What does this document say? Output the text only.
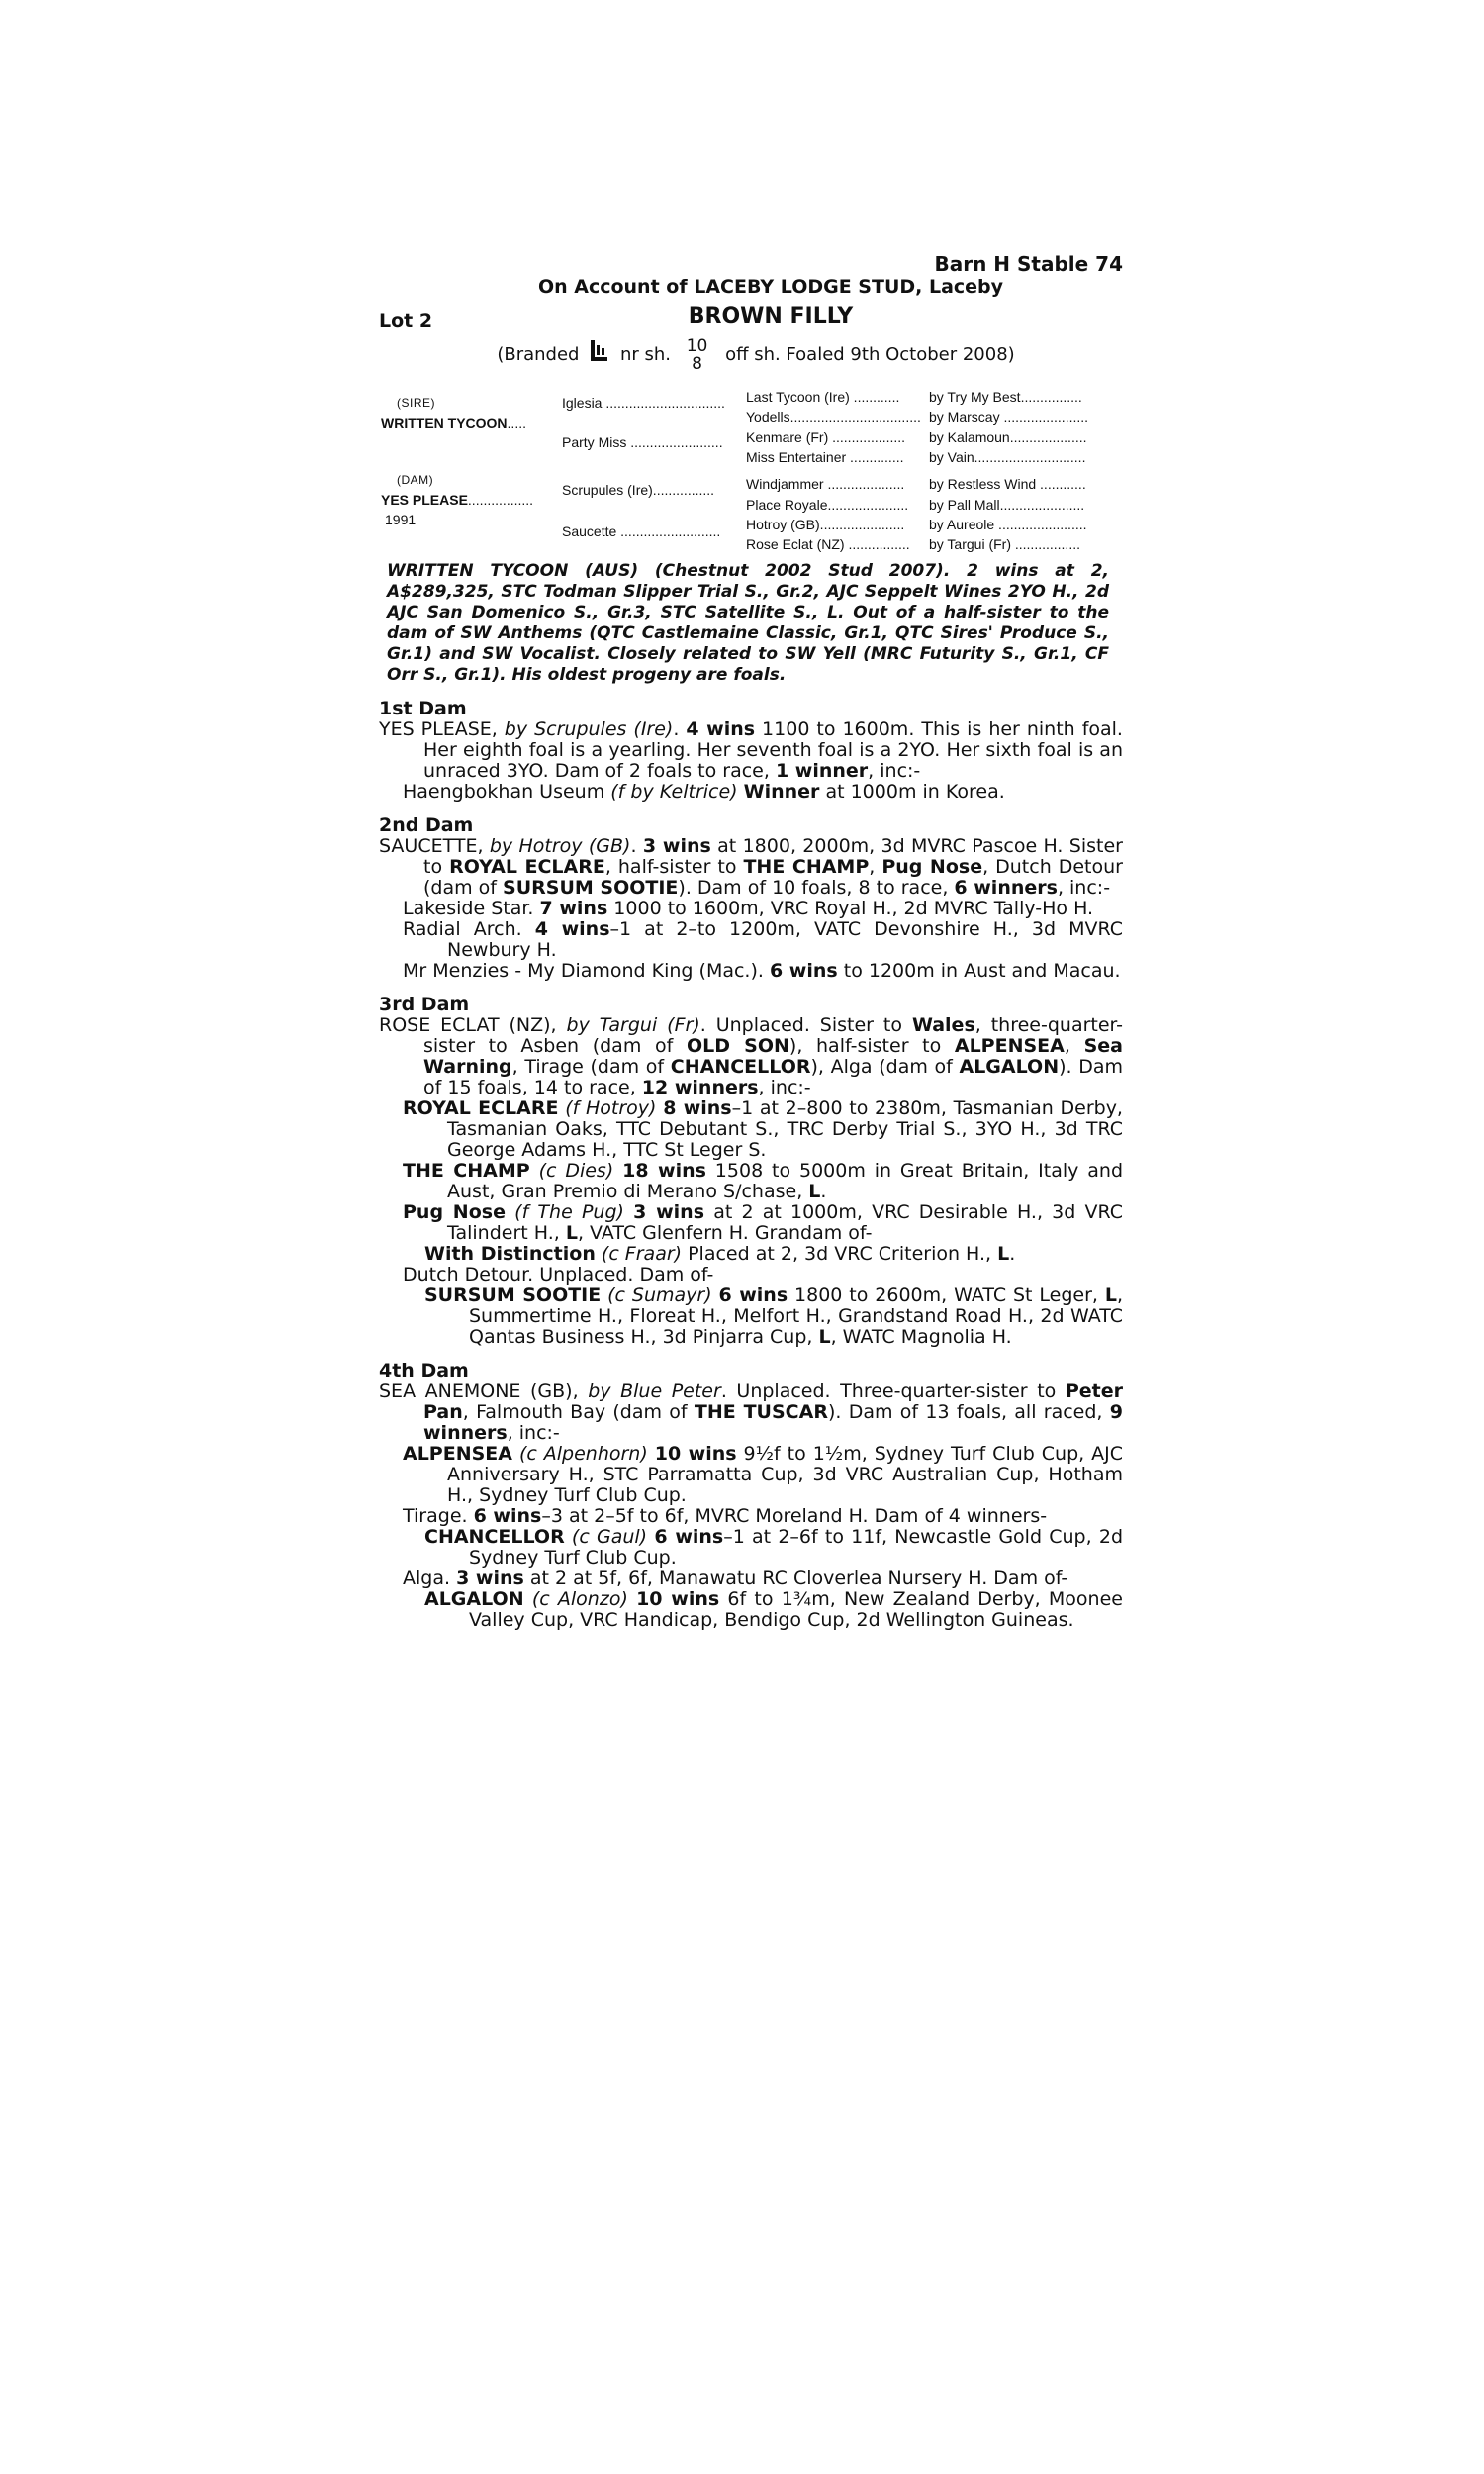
Barn H Stable 74
On Account of LACEBY LODGE STUD, Laceby
Lot 2	BROWN FILLY
(Branded nr sh. 10
8 off sh. Foaled 9th October 2008)
(SIRE)
WRITTEN TYCOON.....
(DAM)
YES PLEASE.................
1991
Iglesia ...............................
Party Miss ........................
Scrupules (Ire)................
Saucette ..........................
Last Tycoon (Ire) ............
Yodells..................................
Kenmare (Fr) ...................
Miss Entertainer ..............
Windjammer ....................
Place Royale.....................
Hotroy (GB)......................
Rose Eclat (NZ) ................
by Try My Best................
by Marscay ......................
by Kalamoun....................
by Vain.............................
by Restless Wind ............
by Pall Mall......................
by Aureole .......................
by Targui (Fr) .................
WRITTEN TYCOON (AUS) (Chestnut 2002 Stud 2007). 2 wins at 2, A$289,325, STC Todman Slipper Trial S., Gr.2, AJC Seppelt Wines 2YO H., 2d AJC San Domenico S., Gr.3, STC Satellite S., L. Out of a half-sister to the dam of SW Anthems (QTC Castlemaine Classic, Gr.1, QTC Sires' Produce S., Gr.1) and SW Vocalist. Closely related to SW Yell (MRC Futurity S., Gr.1, CF Orr S., Gr.1). His oldest progeny are foals.
1st Dam
YES PLEASE, by Scrupules (Ire). 4 wins 1100 to 1600m. This is her ninth foal. Her eighth foal is a yearling. Her seventh foal is a 2YO. Her sixth foal is an unraced 3YO. Dam of 2 foals to race, 1 winner, inc:-
Haengbokhan Useum (f by Keltrice) Winner at 1000m in Korea.
2nd Dam
SAUCETTE, by Hotroy (GB). 3 wins at 1800, 2000m, 3d MVRC Pascoe H. Sister to ROYAL ECLARE, half-sister to THE CHAMP, Pug Nose, Dutch Detour (dam of SURSUM SOOTIE). Dam of 10 foals, 8 to race, 6 winners, inc:-
Lakeside Star. 7 wins 1000 to 1600m, VRC Royal H., 2d MVRC Tally-Ho H.
Radial Arch. 4 wins–1 at 2–to 1200m, VATC Devonshire H., 3d MVRC Newbury H.
Mr Menzies - My Diamond King (Mac.). 6 wins to 1200m in Aust and Macau.
3rd Dam
ROSE ECLAT (NZ), by Targui (Fr). Unplaced. Sister to Wales, three-quarter-sister to Asben (dam of OLD SON), half-sister to ALPENSEA, Sea Warning, Tirage (dam of CHANCELLOR), Alga (dam of ALGALON). Dam of 15 foals, 14 to race, 12 winners, inc:-
ROYAL ECLARE (f Hotroy) 8 wins–1 at 2–800 to 2380m, Tasmanian Derby, Tasmanian Oaks, TTC Debutant S., TRC Derby Trial S., 3YO H., 3d TRC George Adams H., TTC St Leger S.
THE CHAMP (c Dies) 18 wins 1508 to 5000m in Great Britain, Italy and Aust, Gran Premio di Merano S/chase, L.
Pug Nose (f The Pug) 3 wins at 2 at 1000m, VRC Desirable H., 3d VRC Talindert H., L, VATC Glenfern H. Grandam of-
With Distinction (c Fraar) Placed at 2, 3d VRC Criterion H., L.
Dutch Detour. Unplaced. Dam of-
SURSUM SOOTIE (c Sumayr) 6 wins 1800 to 2600m, WATC St Leger, L, Summertime H., Floreat H., Melfort H., Grandstand Road H., 2d WATC Qantas Business H., 3d Pinjarra Cup, L, WATC Magnolia H.
4th Dam
SEA ANEMONE (GB), by Blue Peter. Unplaced. Three-quarter-sister to Peter Pan, Falmouth Bay (dam of THE TUSCAR). Dam of 13 foals, all raced, 9 winners, inc:-
ALPENSEA (c Alpenhorn) 10 wins 9½f to 1½m, Sydney Turf Club Cup, AJC Anniversary H., STC Parramatta Cup, 3d VRC Australian Cup, Hotham H., Sydney Turf Club Cup.
Tirage. 6 wins–3 at 2–5f to 6f, MVRC Moreland H. Dam of 4 winners-
CHANCELLOR (c Gaul) 6 wins–1 at 2–6f to 11f, Newcastle Gold Cup, 2d Sydney Turf Club Cup.
Alga. 3 wins at 2 at 5f, 6f, Manawatu RC Cloverlea Nursery H. Dam of-
ALGALON (c Alonzo) 10 wins 6f to 1¾m, New Zealand Derby, Moonee Valley Cup, VRC Handicap, Bendigo Cup, 2d Wellington Guineas.
